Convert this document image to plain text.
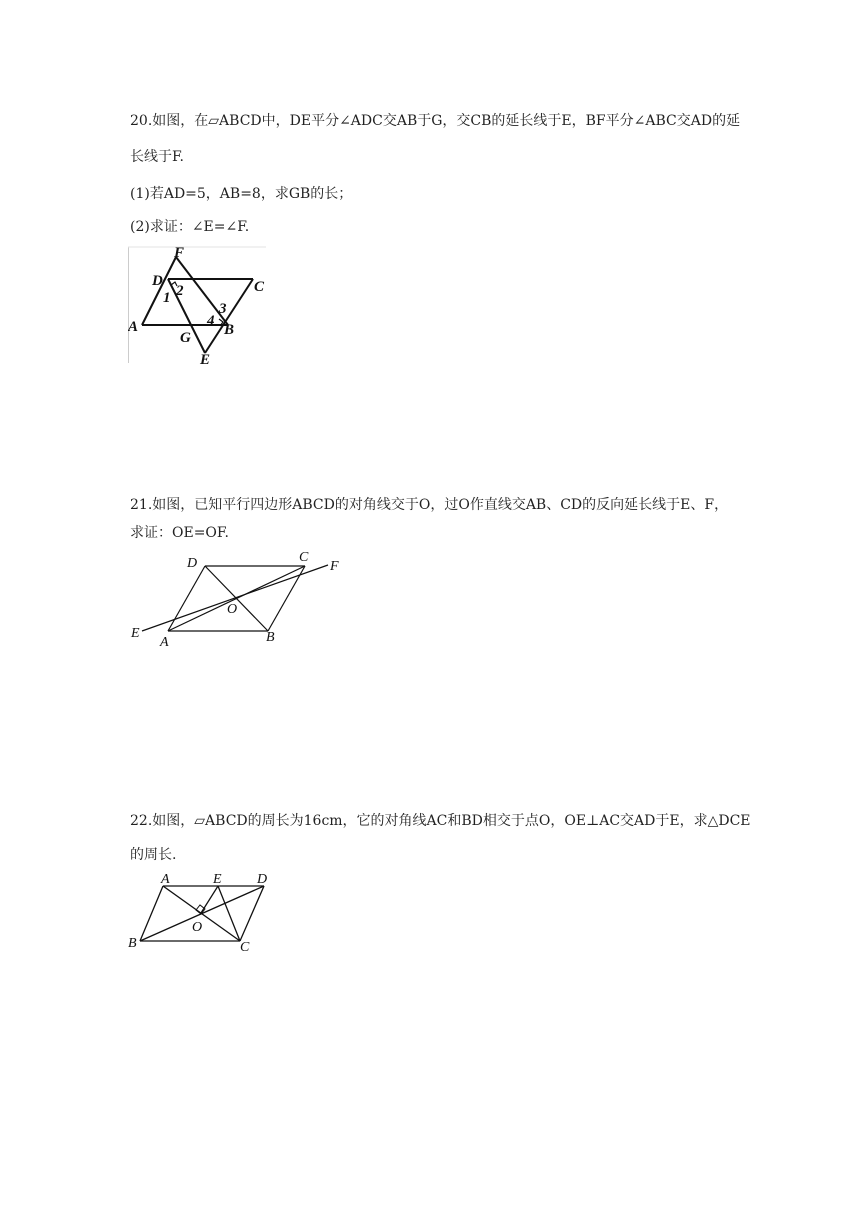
20.如图，在▱ABCD中，DE平分∠ADC交AB于G，交CB的延长线于E，BF平分∠ABC交AD的延
长线于F.
(1)若AD=5，AB=8，求GB的长；
(2)求证：∠E=∠F.
F
D	C
A
G B
E
1 2
3
4
21.如图，已知平行四边形ABCD的对角线交于O，过O作直线交AB、CD的反向延长线于E、F，
求证：OE=OF.
D	C
F
O
E
A	B
22.如图，▱ABCD的周长为16cm，它的对角线AC和BD相交于点O，OE⊥AC交AD于E，求△DCE
的周长.
A	E	D
O
B	C
